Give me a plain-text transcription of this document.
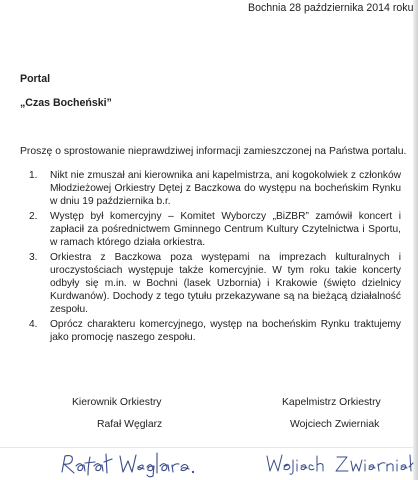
Bochnia 28 października 2014 roku
Portal
„Czas Bocheński”
Proszę o sprostowanie nieprawdziwej informacji zamieszczonej na Państwa portalu.
1. Nikt nie zmuszał ani kierownika ani kapelmistrza, ani kogokolwiek z członków Młodzieżowej Orkiestry Dętej z Baczkowa do występu na bocheńskim Rynku w dniu 19 października b.r.
2. Występ był komercyjny – Komitet Wyborczy „BiZBR” zamówił koncert i zapłacił za pośrednictwem Gminnego Centrum Kultury Czytelnictwa i Sportu, w ramach którego działa orkiestra.
3. Orkiestra z Baczkowa poza występami na imprezach kulturalnych i uroczystościach występuje także komercyjnie. W tym roku takie koncerty odbyły się m.in. w Bochni (lasek Uzbornia) i Krakowie (święto dzielnicy Kurdwanów). Dochody z tego tytułu przekazywane są na bieżącą działalność zespołu.
4. Oprócz charakteru komercyjnego, występ na bocheńskim Rynku traktujemy jako promocję naszego zespołu.
Kierownik Orkiestry	Kapelmistrz Orkiestry
Rafał Węglarz	Wojciech Zwierniak
